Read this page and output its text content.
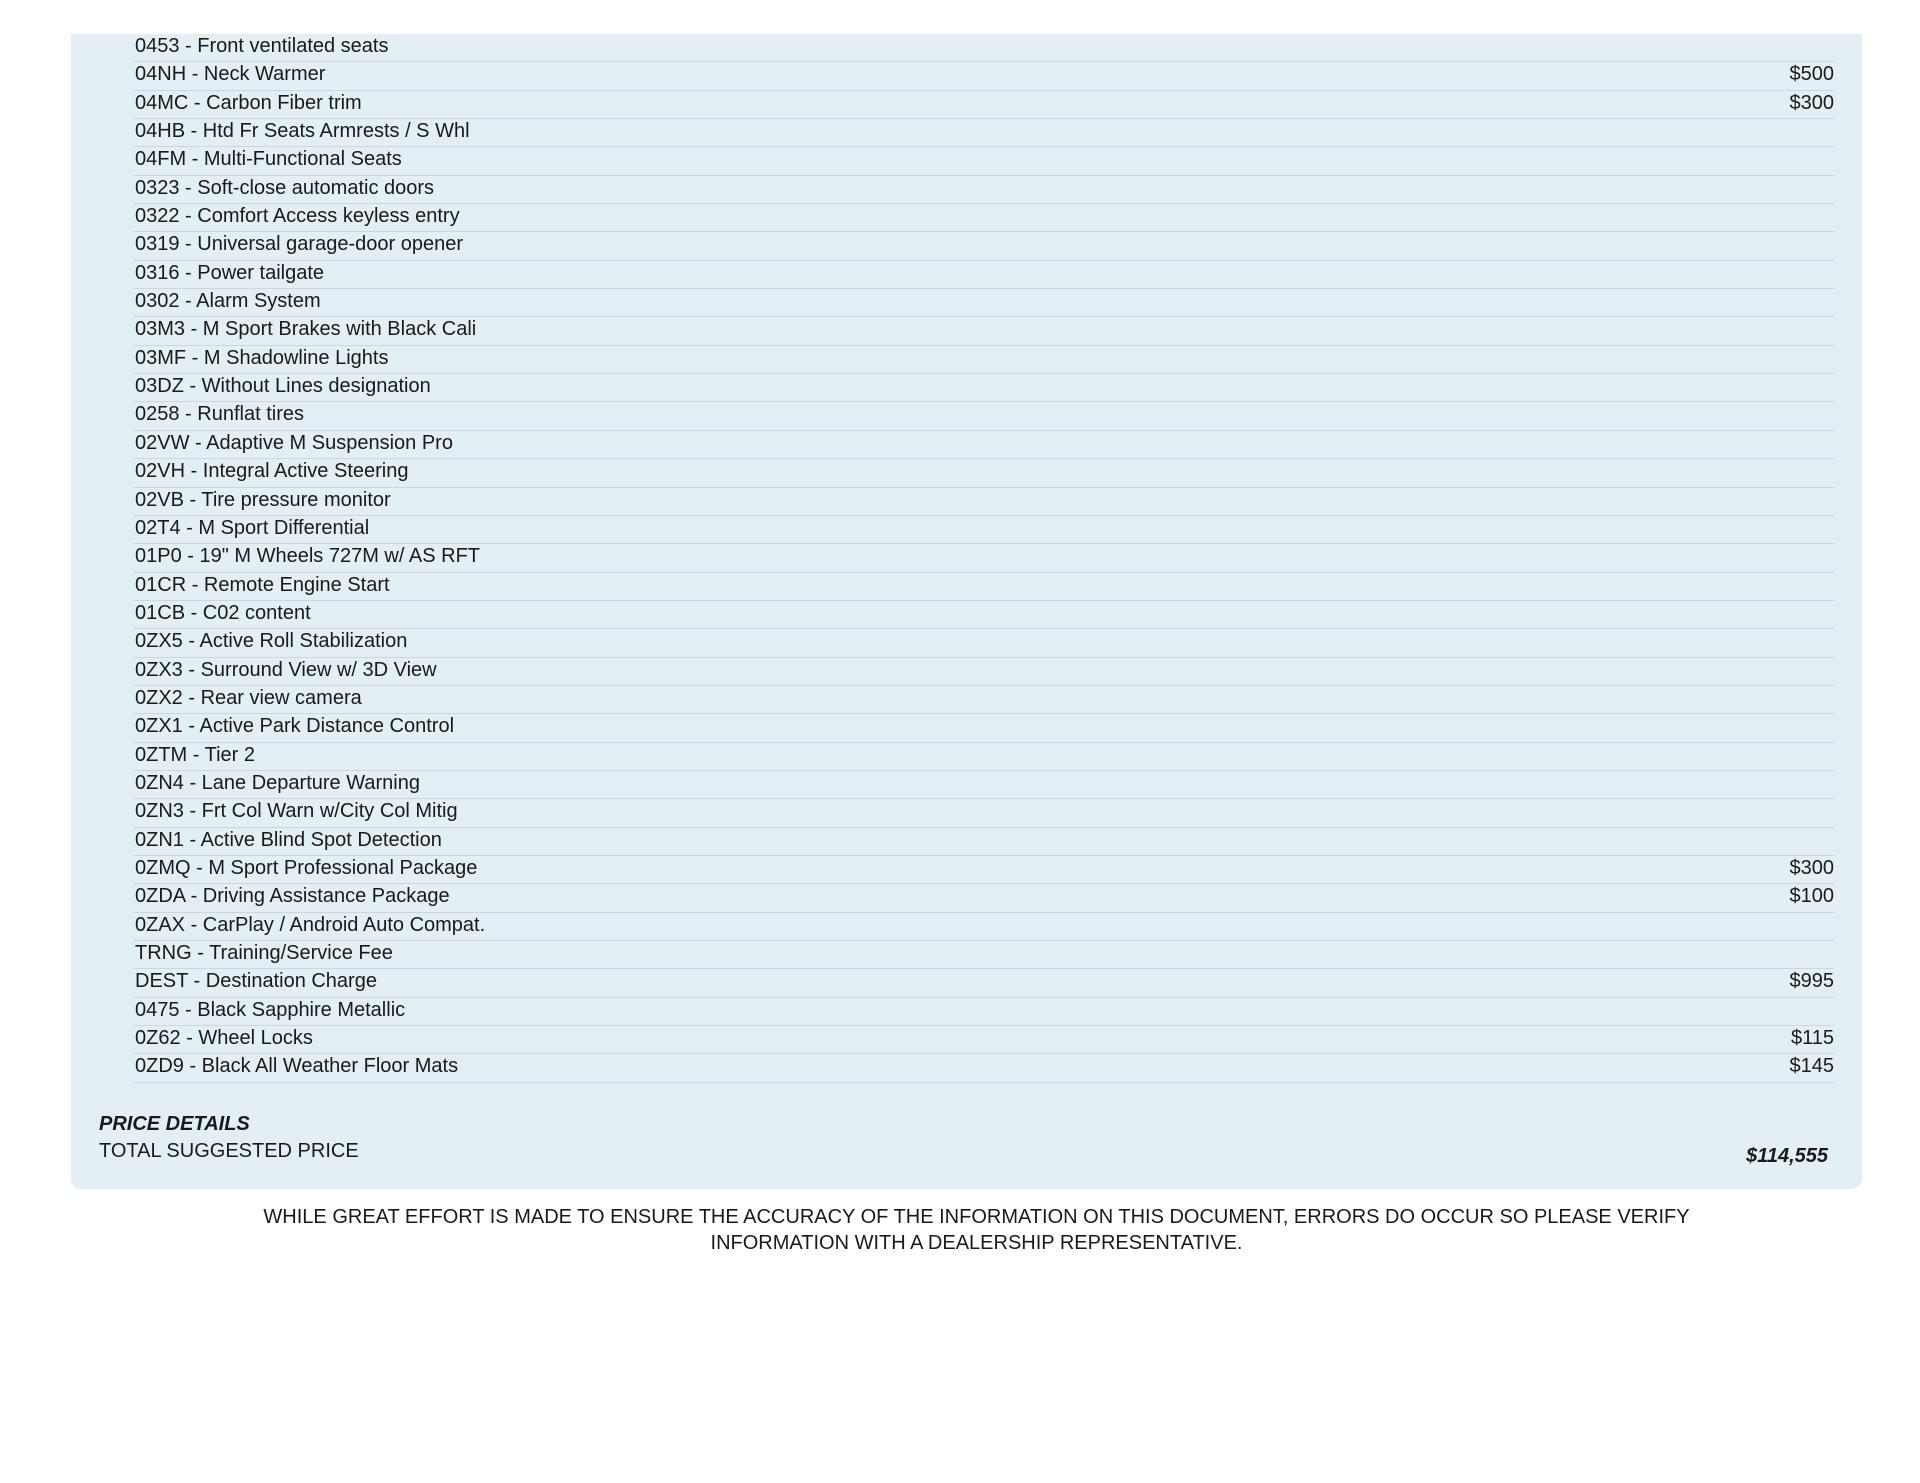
0453 - Front ventilated seats
04NH - Neck Warmer	$500
04MC - Carbon Fiber trim	$300
04HB - Htd Fr Seats Armrests / S Whl
04FM - Multi-Functional Seats
0323 - Soft-close automatic doors
0322 - Comfort Access keyless entry
0319 - Universal garage-door opener
0316 - Power tailgate
0302 - Alarm System
03M3 - M Sport Brakes with Black Cali
03MF - M Shadowline Lights
03DZ - Without Lines designation
0258 - Runflat tires
02VW - Adaptive M Suspension Pro
02VH - Integral Active Steering
02VB - Tire pressure monitor
02T4 - M Sport Differential
01P0 - 19" M Wheels 727M w/ AS RFT
01CR - Remote Engine Start
01CB - C02 content
0ZX5 - Active Roll Stabilization
0ZX3 - Surround View w/ 3D View
0ZX2 - Rear view camera
0ZX1 - Active Park Distance Control
0ZTM - Tier 2
0ZN4 - Lane Departure Warning
0ZN3 - Frt Col Warn w/City Col Mitig
0ZN1 - Active Blind Spot Detection
0ZMQ - M Sport Professional Package	$300
0ZDA - Driving Assistance Package	$100
0ZAX - CarPlay / Android Auto Compat.
TRNG - Training/Service Fee
DEST - Destination Charge	$995
0475 - Black Sapphire Metallic
0Z62 - Wheel Locks	$115
0ZD9 - Black All Weather Floor Mats	$145
PRICE DETAILS
TOTAL SUGGESTED PRICE	$114,555
WHILE GREAT EFFORT IS MADE TO ENSURE THE ACCURACY OF THE INFORMATION ON THIS DOCUMENT, ERRORS DO OCCUR SO PLEASE VERIFY
INFORMATION WITH A DEALERSHIP REPRESENTATIVE.
